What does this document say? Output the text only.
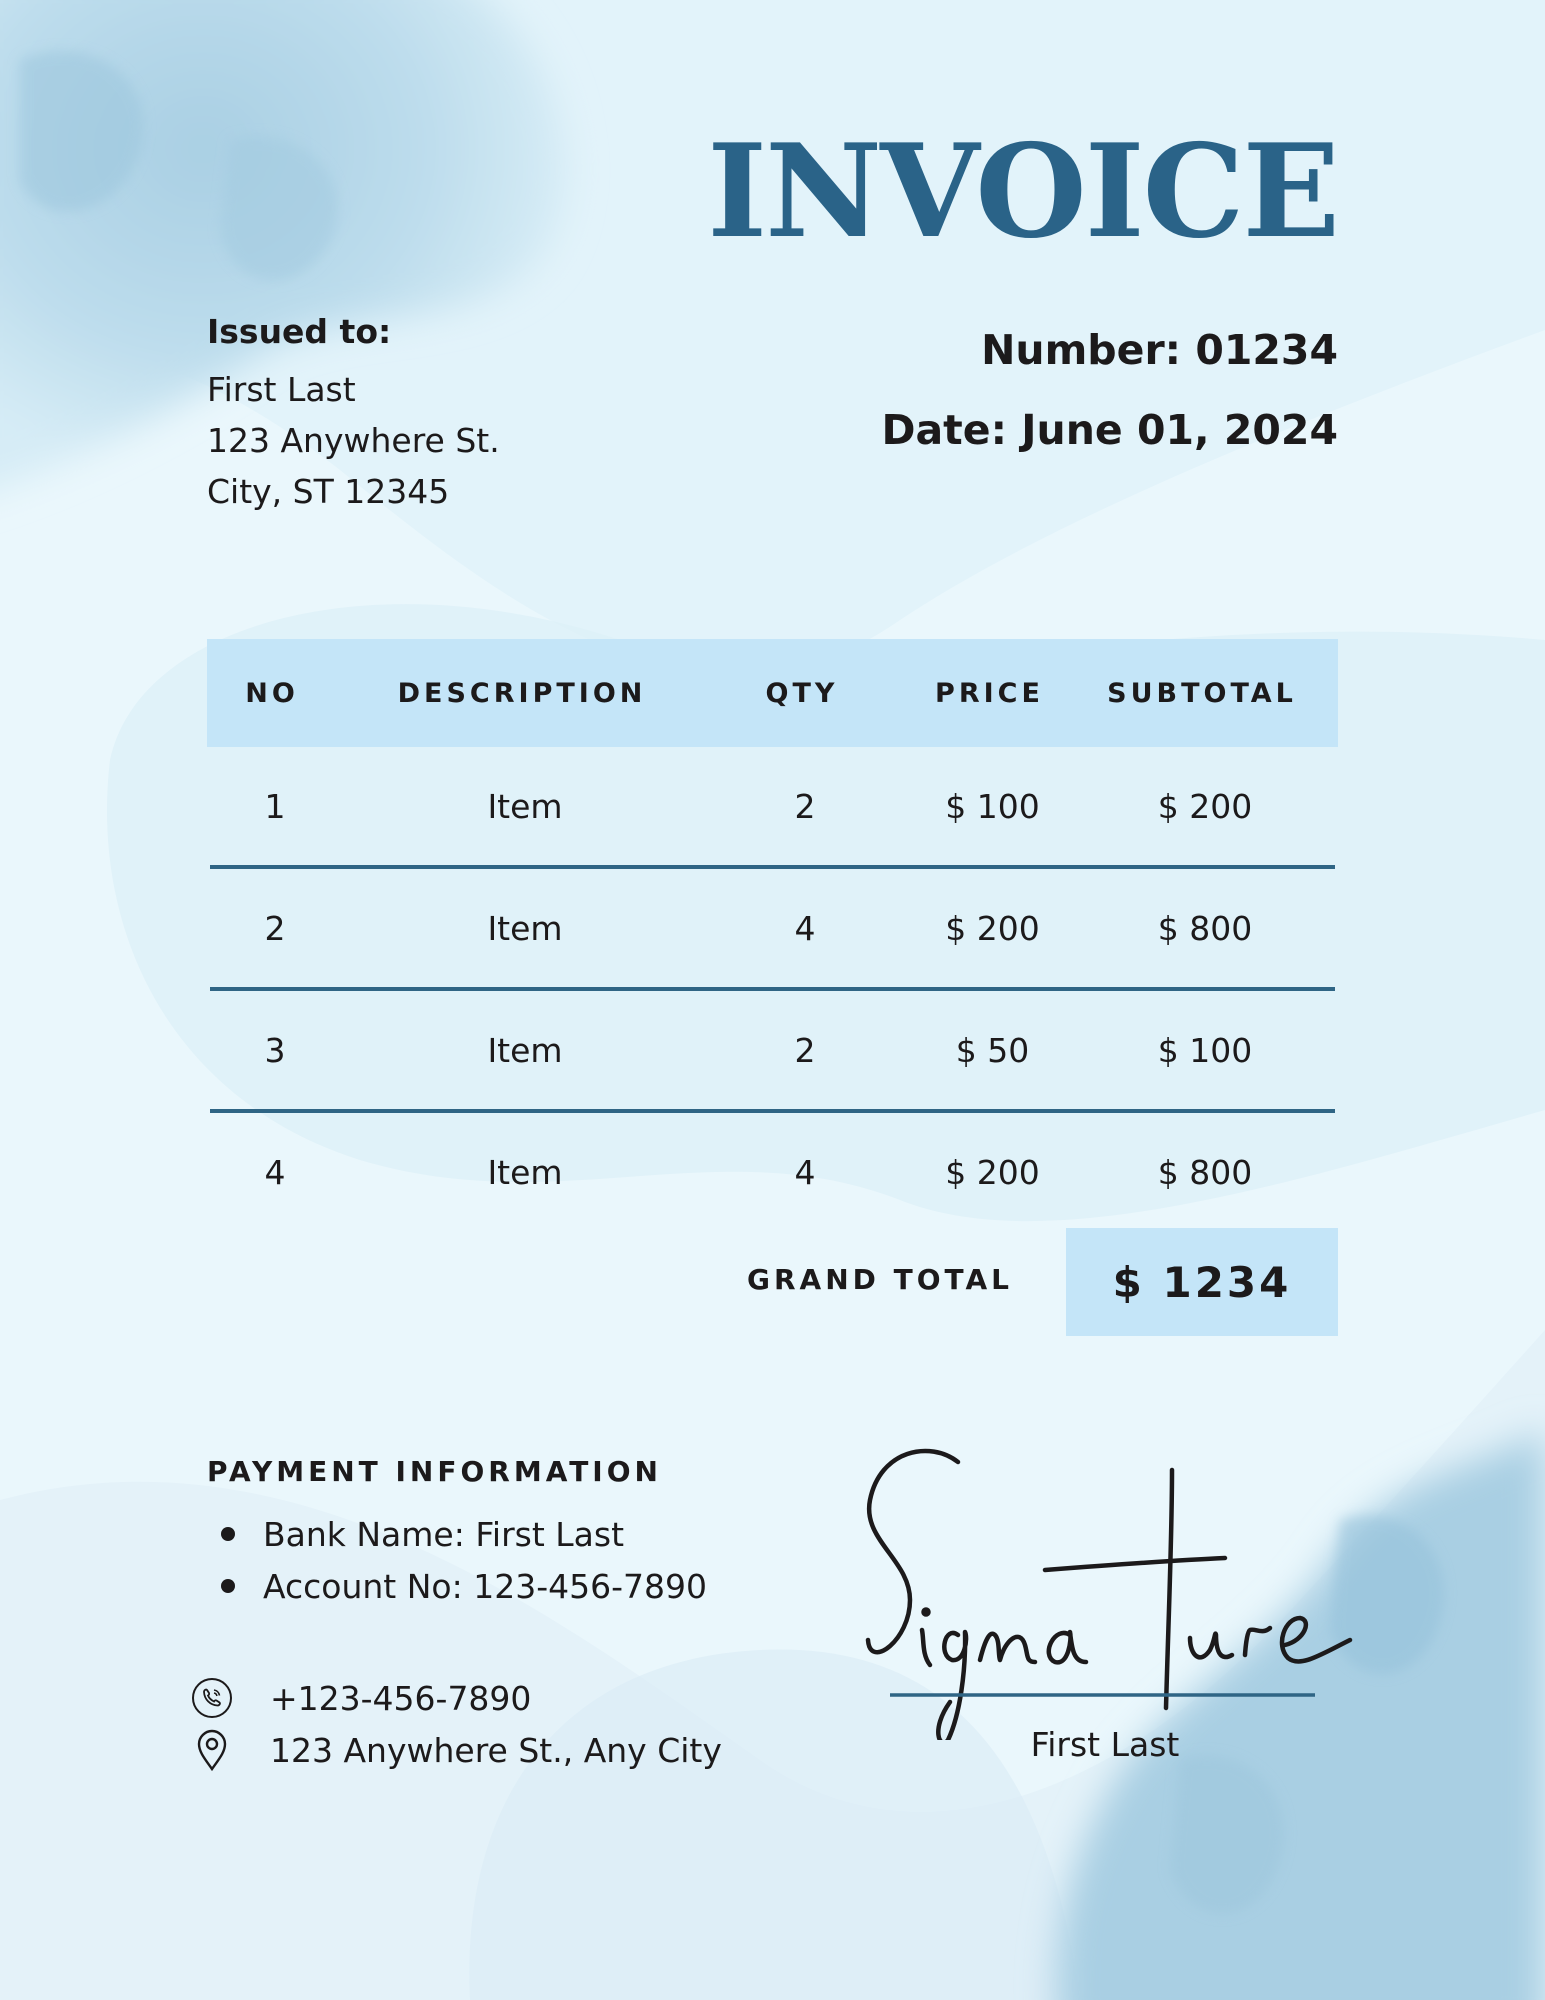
INVOICE

Issued to:

First Last

123 Anywhere St.

City, ST 12345

Number: 01234

Date: June 01, 2024

NO	DESCRIPTION	QTY	PRICE	SUBTOTAL
1	Item	2	$ 100	$ 200
2	Item	4	$ 200	$ 800
3	Item	2	$ 50	$ 100
4	Item	4	$ 200	$ 800

GRAND TOTAL $ 1234

PAYMENT INFORMATION

Bank Name: First Last
Account No: 123-456-7890
+123-456-7890
123 Anywhere St., Any City	First Last
